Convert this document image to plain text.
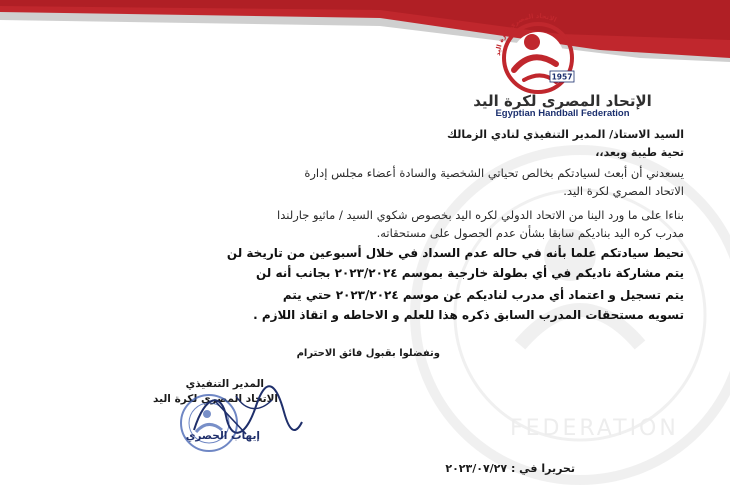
FEDERATION
الاتحاد المصرى لكرة اليد
1957
الإتحاد المصرى لكرة اليد
Egyptian Handball Federation
السيد الاستاذ/ المدير التنفيذي لنادي الزمالك
تحية طيبة وبعد،،
يسعدني أن أبعث لسيادتكم بخالص تحياتي الشخصية والسادة أعضاء مجلس إدارة
الاتحاد المصري لكرة اليد.
بناءا على ما ورد الينا من الاتحاد الدولي لكره اليد بخصوص شكوي السيد / ماثيو جارلندا
مدرب كره اليد بناديكم سابقا بشأن عدم الحصول على مستحقاته.
نحيط سيادتكم علما بأنه في حاله عدم السداد في خلال أسبوعين من تاريخة لن
يتم مشاركة ناديكم في أي بطولة خارجية بموسم ٢٠٢٣/٢٠٢٤ بجانب أنه لن
يتم تسجيل و اعتماد أي مدرب لناديكم عن موسم ٢٠٢٣/٢٠٢٤ حتي يتم
تسويه مستحقات المدرب السابق ذكره هذا للعلم و الاحاطه و اتقاذ اللازم .
وتفضلوا بقبول فائق الاحترام
المدير التنفيذي
الاتحاد المصري لكرة اليد
إيهاب الحصري
تحريرا في : ٢٠٢٣/٠٧/٢٧
